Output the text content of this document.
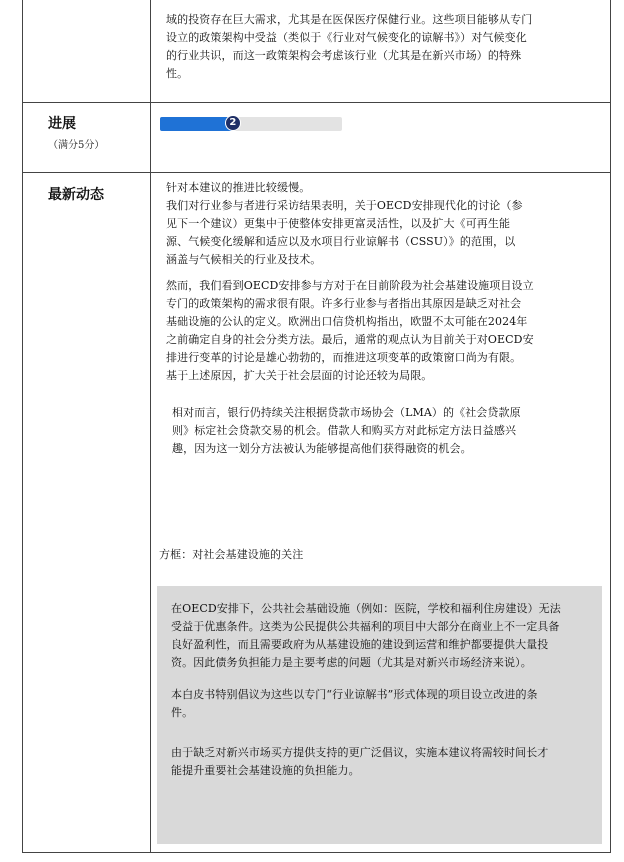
域的投资存在巨大需求，尤其是在医保医疗保健行业。这些项目能够从专门
设立的政策架构中受益（类似于《行业对气候变化的谅解书》）对气候变化
的行业共识，而这一政策架构会考虑该行业（尤其是在新兴市场）的特殊
性。
进展
（满分5分）
2
最新动态	针对本建议的推进比较缓慢。
我们对行业参与者进行采访结果表明，关于OECD安排现代化的讨论（参
见下一个建议）更集中于使整体安排更富灵活性，以及扩大《可再生能
源、气候变化缓解和适应以及水项目行业谅解书（CSSU）》的范围，以
涵盖与气候相关的行业及技术。
然而，我们看到OECD安排参与方对于在目前阶段为社会基建设施项目设立
专门的政策架构的需求很有限。许多行业参与者指出其原因是缺乏对社会
基础设施的公认的定义。欧洲出口信贷机构指出，欧盟不太可能在2024年
之前确定自身的社会分类方法。最后，通常的观点认为目前关于对OECD安
排进行变革的讨论是雄心勃勃的，而推进这项变革的政策窗口尚为有限。
基于上述原因，扩大关于社会层面的讨论还较为局限。
相对而言，银行仍持续关注根据贷款市场协会（LMA）的《社会贷款原
则》标定社会贷款交易的机会。借款人和购买方对此标定方法日益感兴
趣，因为这一划分方法被认为能够提高他们获得融资的机会。
方框：对社会基建设施的关注
在OECD安排下，公共社会基础设施（例如：医院，学校和福利住房建设）无法
受益于优惠条件。这类为公民提供公共福利的项目中大部分在商业上不一定具备
良好盈利性，而且需要政府为从基建设施的建设到运营和维护都要提供大量投
资。因此债务负担能力是主要考虑的问题（尤其是对新兴市场经济来说）。
本白皮书特别倡议为这些以专门“行业谅解书”形式体现的项目设立改进的条
件。
由于缺乏对新兴市场买方提供支持的更广泛倡议，实施本建议将需较时间长才
能提升重要社会基建设施的负担能力。
